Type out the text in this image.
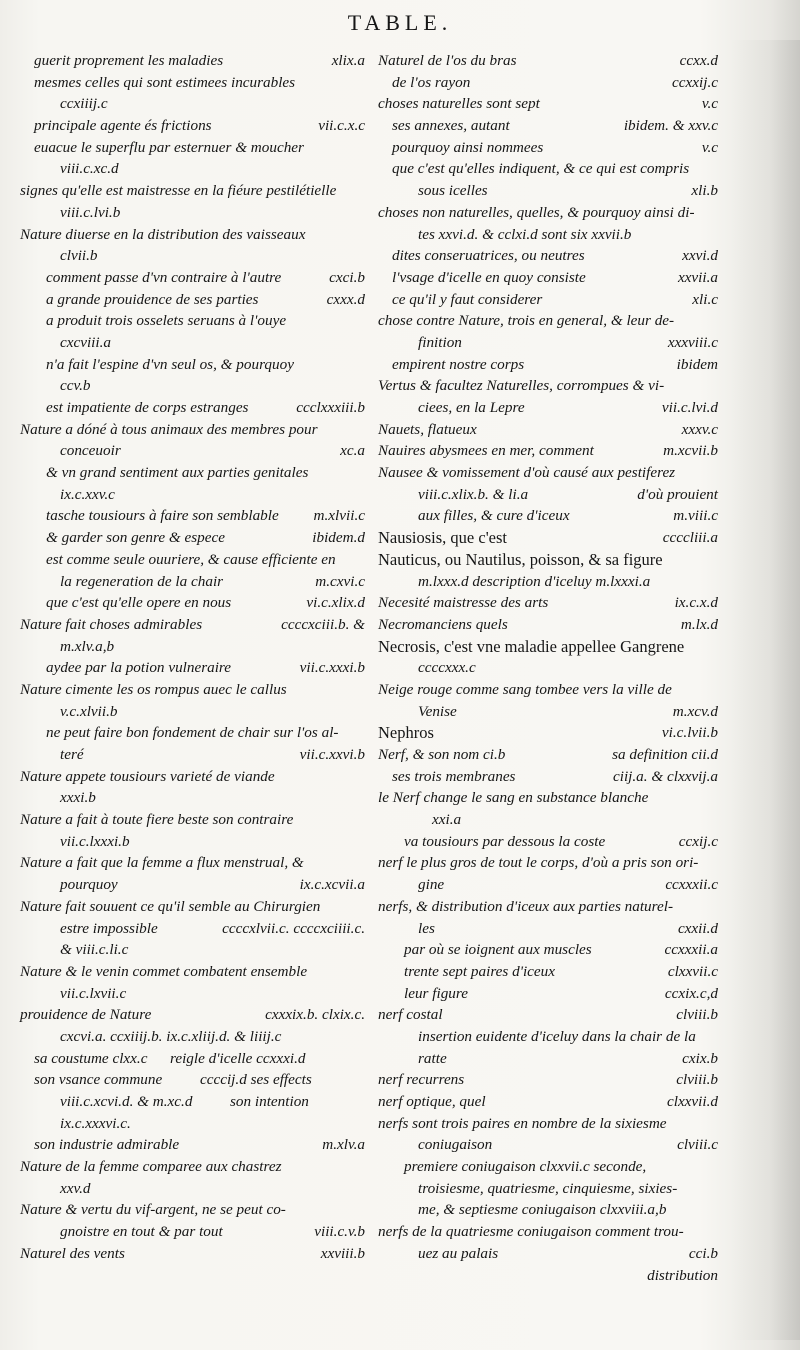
TABLE.
guerit proprement les maladies	xlix.a
mesmes celles qui sont estimees incurables
ccxiiij.c
principale agente és frictions	vii.c.x.c
euacue le superflu par esternuer & moucher
viii.c.xc.d
signes qu'elle est maistresse en la fiéure pestilétielle
viii.c.lvi.b
Nature diuerse en la distribution des vaisseaux
clvii.b
comment passe d'vn contraire à l'autre	cxci.b
a grande prouidence de ses parties	cxxx.d
a produit trois osselets seruans à l'ouye
cxcviii.a
n'a fait l'espine d'vn seul os, & pourquoy
ccv.b
est impatiente de corps estranges	ccclxxxiii.b
Nature a dóné à tous animaux des membres pour
conceuoir	xc.a
& vn grand sentiment aux parties genitales
ix.c.xxv.c
tasche tousiours à faire son semblable m.xlvii.c
& garder son genre & espece	ibidem.d
est comme seule ouuriere, & cause efficiente en
la regeneration de la chair	m.cxvi.c
que c'est qu'elle opere en nous	vi.c.xlix.d
Nature fait choses admirables	ccccxciii.b. &
m.xlv.a,b
aydee par la potion vulneraire	vii.c.xxxi.b
Nature cimente les os rompus auec le callus
v.c.xlvii.b
ne peut faire bon fondement de chair sur l'os al-
teré	vii.c.xxvi.b
Nature appete tousiours varieté de viande
xxxi.b
Nature a fait à toute fiere beste son contraire
vii.c.lxxxi.b
Nature a fait que la femme a flux menstrual, &
pourquoy	ix.c.xcvii.a
Nature fait souuent ce qu'il semble au Chirurgien
estre impossible	ccccxlvii.c. ccccxciiii.c.
& viii.c.li.c
Nature & le venin commet combatent ensemble
vii.c.lxvii.c
prouidence de Nature	cxxxix.b. clxix.c.
cxcvi.a. ccxiiij.b. ix.c.xliij.d. & liiij.c
sa coustume clxx.c reigle d'icelle ccxxxi.d
son vsance commune ccccij.d ses effects
viii.c.xcvi.d. & m.xc.d son intention
ix.c.xxxvi.c.
son industrie admirable	m.xlv.a
Nature de la femme comparee aux chastrez
xxv.d
Nature & vertu du vif-argent, ne se peut co-
gnoistre en tout & par tout	viii.c.v.b
Naturel des vents	xxviii.b
Naturel de l'os du bras	ccxx.d
de l'os rayon	ccxxij.c
choses naturelles sont sept	v.c
ses annexes, autant	ibidem. & xxv.c
pourquoy ainsi nommees	v.c
que c'est qu'elles indiquent, & ce qui est compris
sous icelles	xli.b
choses non naturelles, quelles, & pourquoy ainsi di-
tes xxvi.d. & cclxi.d sont six xxvii.b
dites conseruatrices, ou neutres	xxvi.d
l'vsage d'icelle en quoy consiste	xxvii.a
ce qu'il y faut considerer	xli.c
chose contre Nature, trois en general, & leur de-
finition	xxxviii.c
empirent nostre corps	ibidem
Vertus & facultez Naturelles, corrompues & vi-
ciees, en la Lepre	vii.c.lvi.d
Nauets, flatueux	xxxv.c
Nauires abysmees en mer, comment	m.xcvii.b
Nausee & vomissement d'où causé aux pestiferez
viii.c.xlix.b. & li.a	d'où prouient
aux filles, & cure d'iceux	m.viii.c
Nausiosis, que c'est	ccccliii.a
Nauticus, ou Nautilus, poisson, & sa figure
m.lxxx.d description d'iceluy m.lxxxi.a
Necesité maistresse des arts	ix.c.x.d
Necromanciens quels	m.lx.d
Necrosis, c'est vne maladie appellee Gangrene
ccccxxx.c
Neige rouge comme sang tombee vers la ville de
Venise	m.xcv.d
Nephros	vi.c.lvii.b
Nerf, & son nom ci.b	sa definition cii.d
ses trois membranes	ciij.a. & clxxvij.a
le Nerf change le sang en substance blanche
xxi.a
va tousiours par dessous la coste	ccxij.c
nerf le plus gros de tout le corps, d'où a pris son ori-
gine	ccxxxii.c
nerfs, & distribution d'iceux aux parties naturel-
les	cxxii.d
par où se ioignent aux muscles	ccxxxii.a
trente sept paires d'iceux	clxxvii.c
leur figure	ccxix.c,d
nerf costal	clviii.b
insertion euidente d'iceluy dans la chair de la
ratte	cxix.b
nerf recurrens	clviii.b
nerf optique, quel	clxxvii.d
nerfs sont trois paires en nombre de la sixiesme
coniugaison	clviii.c
premiere coniugaison clxxvii.c seconde,
troisiesme, quatriesme, cinquiesme, sixies-
me, & septiesme coniugaison clxxviii.a,b
nerfs de la quatriesme coniugaison comment trou-
uez au palais	cci.b
distribution
